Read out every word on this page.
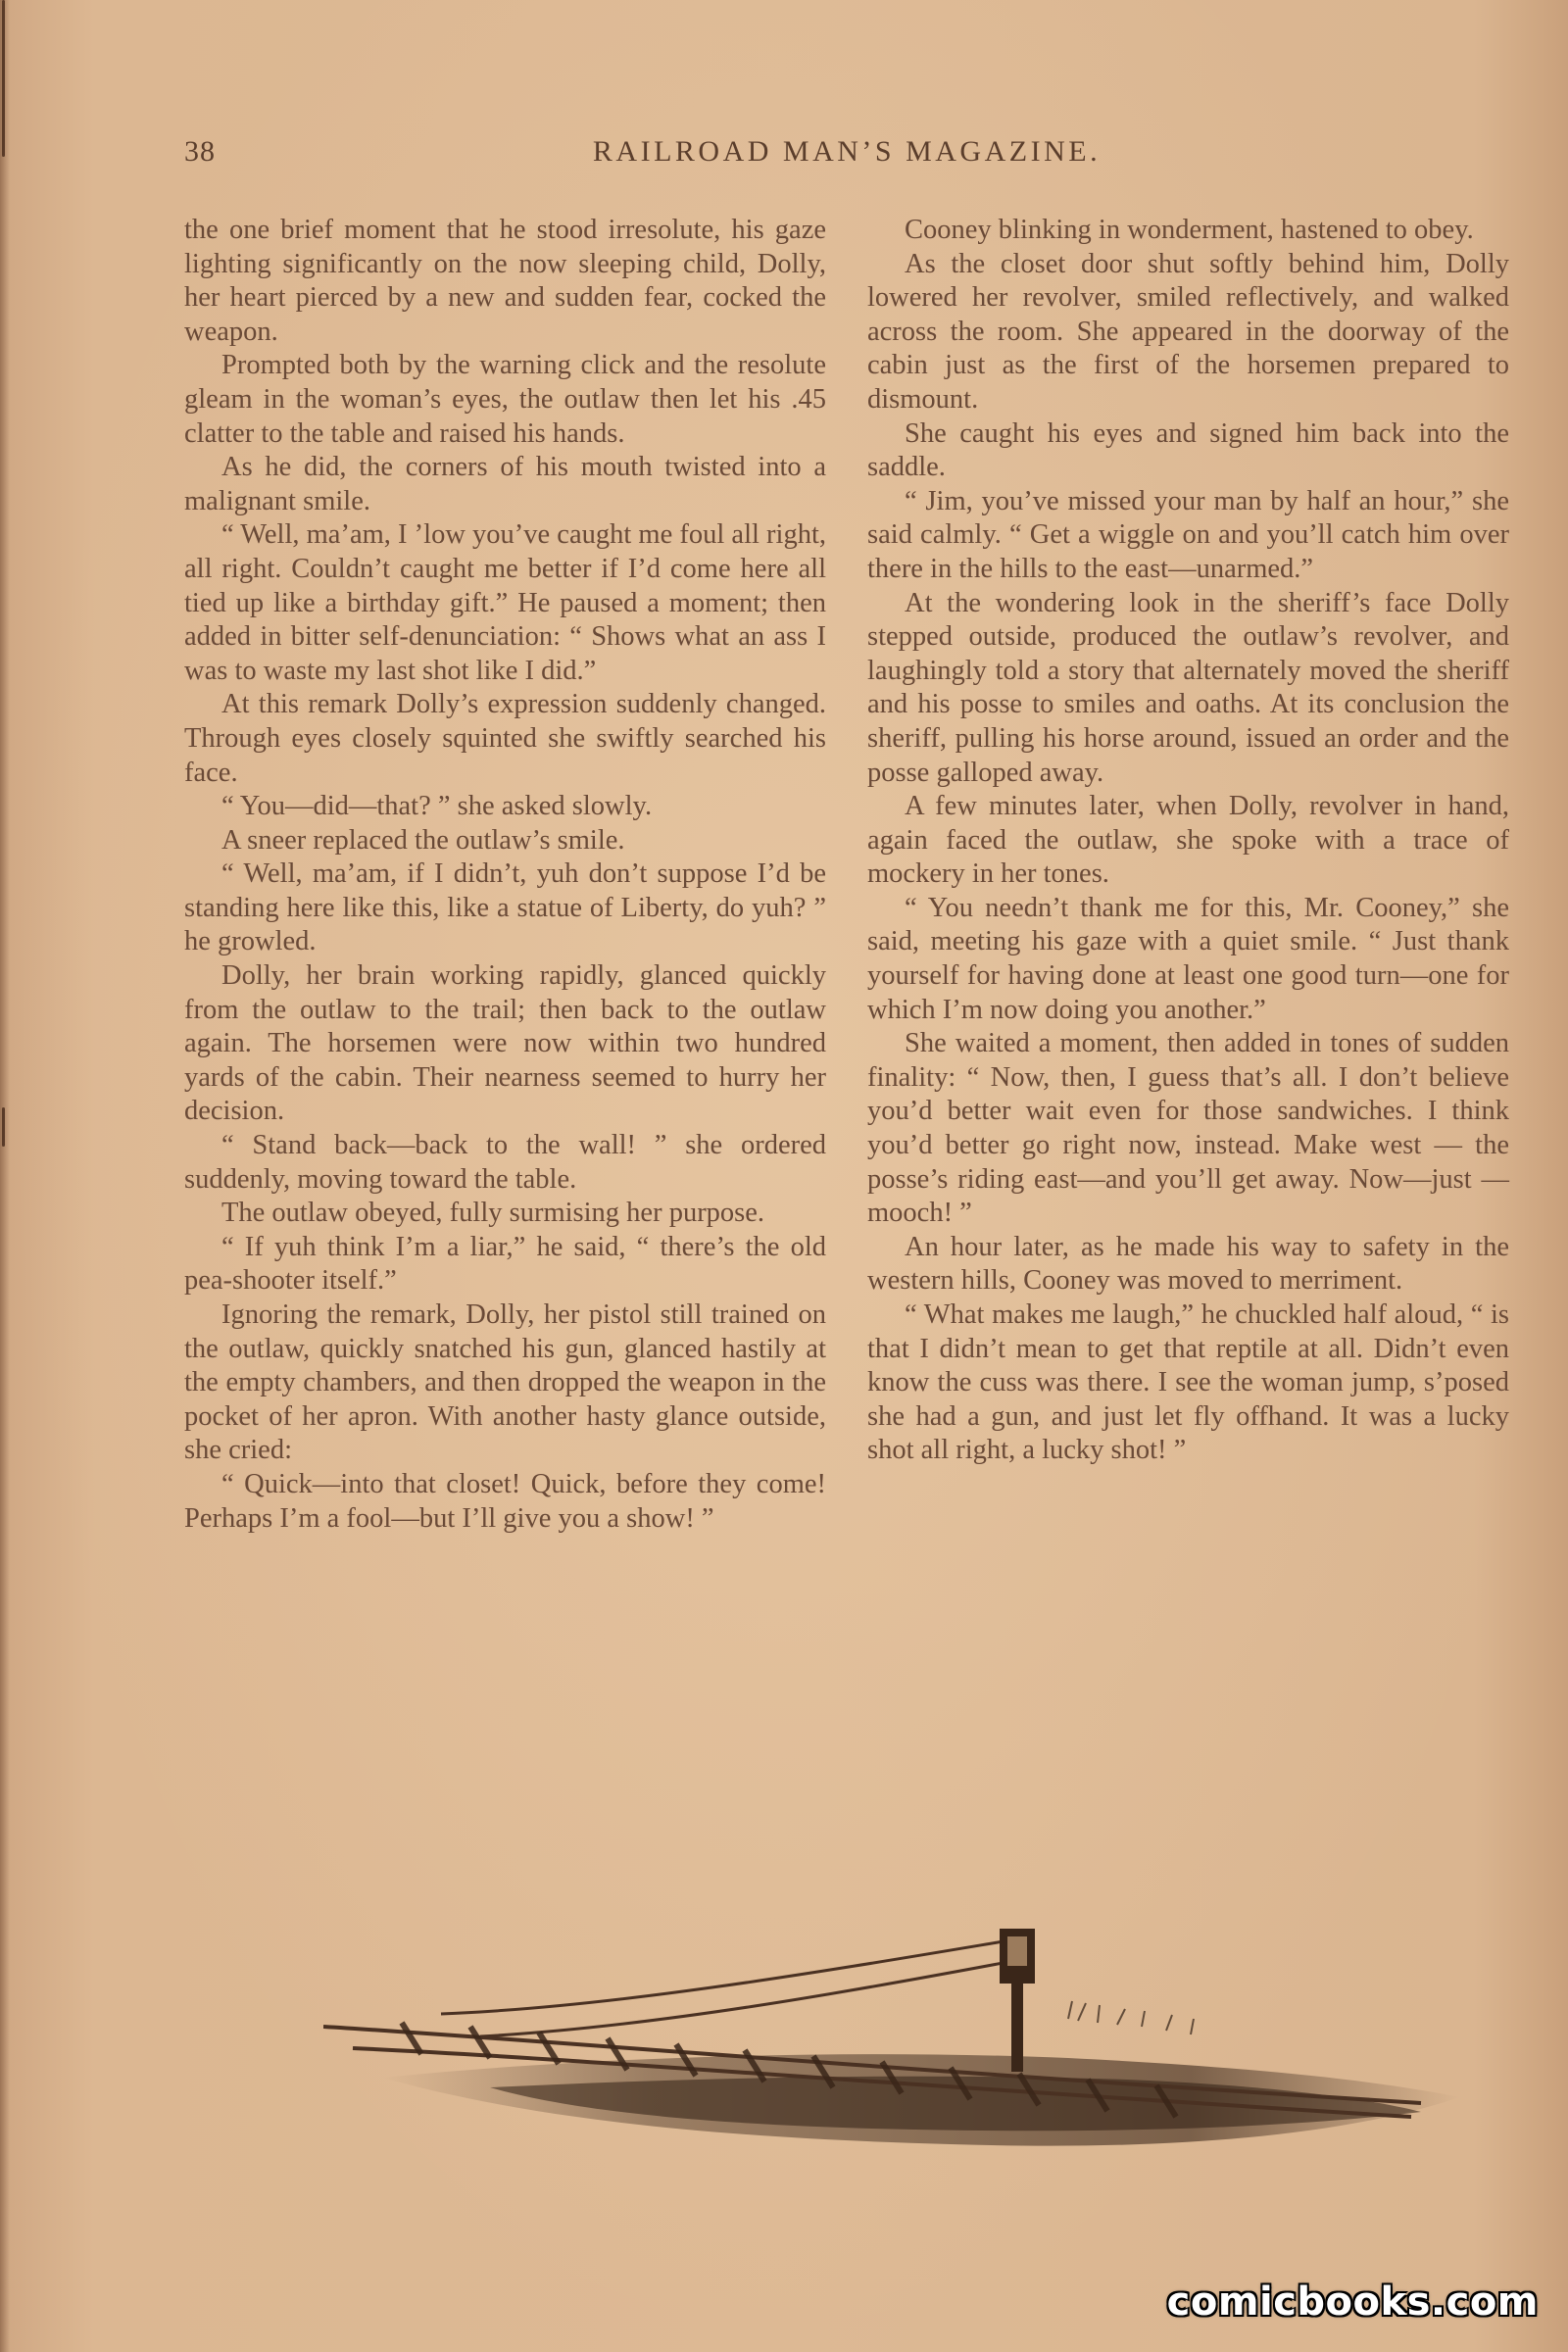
38	RAILROAD MAN’S MAGAZINE.

the one brief moment that he stood irresolute, his gaze lighting significantly on the now sleeping child, Dolly, her heart pierced by a new and sudden fear, cocked the weapon.

Prompted both by the warning click and the resolute gleam in the woman’s eyes, the outlaw then let his .45 clatter to the table and raised his hands.

As he did, the corners of his mouth twisted into a malignant smile.

“ Well, ma’am, I ’low you’ve caught me foul all right, all right. Couldn’t caught me better if I’d come here all tied up like a birthday gift.” He paused a moment; then added in bitter self-denunciation: “ Shows what an ass I was to waste my last shot like I did.”

At this remark Dolly’s expression suddenly changed. Through eyes closely squinted she swiftly searched his face.

“ You—did—that? ” she asked slowly.

A sneer replaced the outlaw’s smile.

“ Well, ma’am, if I didn’t, yuh don’t suppose I’d be standing here like this, like a statue of Liberty, do yuh? ” he growled.

Dolly, her brain working rapidly, glanced quickly from the outlaw to the trail; then back to the outlaw again. The horsemen were now within two hundred yards of the cabin. Their nearness seemed to hurry her decision.

“ Stand back—back to the wall! ” she ordered suddenly, moving toward the table.

The outlaw obeyed, fully surmising her purpose.

“ If yuh think I’m a liar,” he said, “ there’s the old pea-shooter itself.”

Ignoring the remark, Dolly, her pistol still trained on the outlaw, quickly snatched his gun, glanced hastily at the empty chambers, and then dropped the weapon in the pocket of her apron. With another hasty glance outside, she cried:

“ Quick—into that closet! Quick, before they come! Perhaps I’m a fool—but I’ll give you a show! ”

Cooney blinking in wonderment, hastened to obey.

As the closet door shut softly behind him, Dolly lowered her revolver, smiled reflectively, and walked across the room. She appeared in the doorway of the cabin just as the first of the horsemen prepared to dismount.

She caught his eyes and signed him back into the saddle.

“ Jim, you’ve missed your man by half an hour,” she said calmly. “ Get a wiggle on and you’ll catch him over there in the hills to the east—unarmed.”

At the wondering look in the sheriff’s face Dolly stepped outside, produced the outlaw’s revolver, and laughingly told a story that alternately moved the sheriff and his posse to smiles and oaths. At its conclusion the sheriff, pulling his horse around, issued an order and the posse galloped away.

A few minutes later, when Dolly, revolver in hand, again faced the outlaw, she spoke with a trace of mockery in her tones.

“ You needn’t thank me for this, Mr. Cooney,” she said, meeting his gaze with a quiet smile. “ Just thank yourself for having done at least one good turn—one for which I’m now doing you another.”

She waited a moment, then added in tones of sudden finality: “ Now, then, I guess that’s all. I don’t believe you’d better wait even for those sandwiches. I think you’d better go right now, instead. Make west — the posse’s riding east—and you’ll get away. Now—just —mooch! ”

An hour later, as he made his way to safety in the western hills, Cooney was moved to merriment.

“ What makes me laugh,” he chuckled half aloud, “ is that I didn’t mean to get that reptile at all. Didn’t even know the cuss was there. I see the woman jump, s’posed she had a gun, and just let fly offhand. It was a lucky shot all right, a lucky shot! ”

comicbooks.com
